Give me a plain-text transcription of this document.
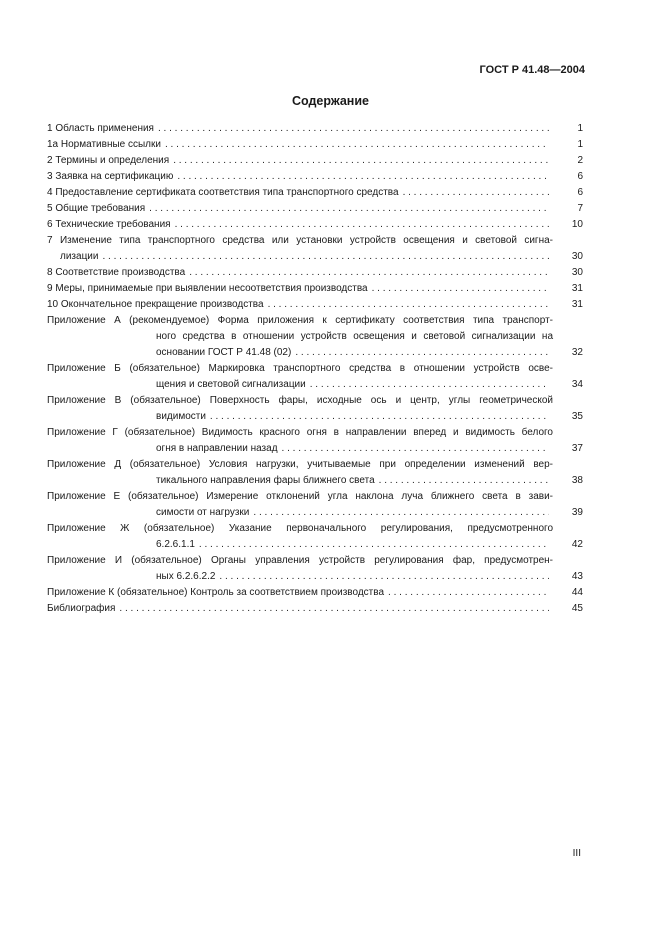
ГОСТ Р 41.48—2004
Содержание
1 Область применения . . .	1
1а Нормативные ссылки . . .	1
2 Термины и определения . . .	2
3 Заявка на сертификацию . . .	6
4 Предоставление сертификата соответствия типа транспортного средства . . .	6
5 Общие требования . . .	7
6 Технические требования . . .	10
7 Изменение типа транспортного средства или установки устройств освещения и световой сигна-
лизации . . .	30
8 Соответствие производства . . .	30
9 Меры, принимаемые при выявлении несоответствия производства . . .	31
10 Окончательное прекращение производства . . .	31
Приложение А (рекомендуемое) Форма приложения к сертификату соответствия типа транспорт-
ного средства в отношении устройств освещения и световой сигнализации на
основании ГОСТ Р 41.48 (02) . . .	32
Приложение Б (обязательное) Маркировка транспортного средства в отношении устройств осве-
щения и световой сигнализации . . .	34
Приложение В (обязательное) Поверхность фары, исходные ось и центр, углы геометрической
видимости . . .	35
Приложение Г (обязательное) Видимость красного огня в направлении вперед и видимость белого
огня в направлении назад . . .	37
Приложение Д (обязательное) Условия нагрузки, учитываемые при определении изменений вер-
тикального направления фары ближнего света . . .	38
Приложение Е (обязательное) Измерение отклонений угла наклона луча ближнего света в зави-
симости от нагрузки . . .	39
Приложение Ж (обязательное) Указание первоначального регулирования, предусмотренного
6.2.6.1.1 . . .	42
Приложение И (обязательное) Органы управления устройств регулирования фар, предусмотрен-
ных 6.2.6.2.2 . . .	43
Приложение К (обязательное) Контроль за соответствием производства . . .	44
Библиография . . .	45
III
